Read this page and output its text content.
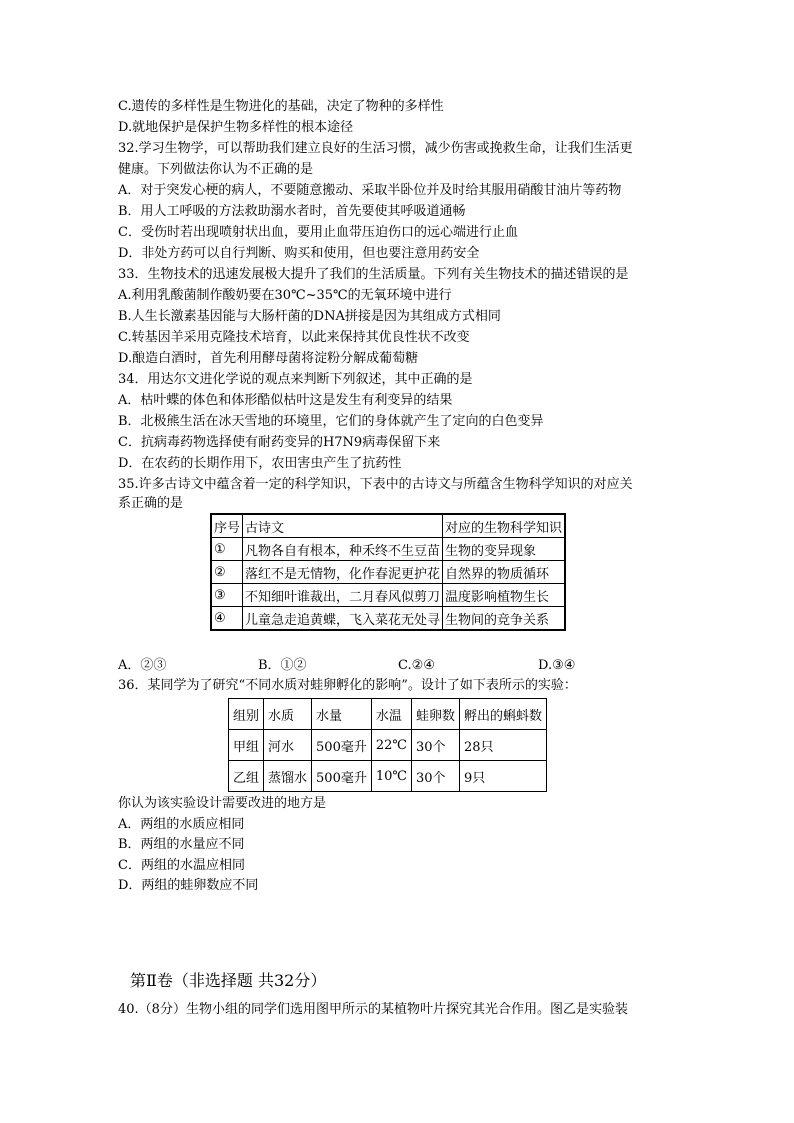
C.遗传的多样性是生物进化的基础，决定了物种的多样性
D.就地保护是保护生物多样性的根本途径
32.学习生物学，可以帮助我们建立良好的生活习惯，减少伤害或挽救生命，让我们生活更
健康。下列做法你认为不正确的是
A．对于突发心梗的病人，不要随意搬动、采取半卧位并及时给其服用硝酸甘油片等药物
B．用人工呼吸的方法救助溺水者时，首先要使其呼吸道通畅
C．受伤时若出现喷射状出血，要用止血带压迫伤口的远心端进行止血
D．非处方药可以自行判断、购买和使用，但也要注意用药安全
33．生物技术的迅速发展极大提升了我们的生活质量。下列有关生物技术的描述错误的是
A.利用乳酸菌制作酸奶要在30℃~35℃的无氧环境中进行
B.人生长激素基因能与大肠杆菌的DNA拼接是因为其组成方式相同
C.转基因羊采用克隆技术培育，以此来保持其优良性状不改变
D.酿造白酒时，首先利用酵母菌将淀粉分解成葡萄糖
34．用达尔文进化学说的观点来判断下列叙述，其中正确的是
A．枯叶蝶的体色和体形酷似枯叶这是发生有利变异的结果
B．北极熊生活在冰天雪地的环境里，它们的身体就产生了定向的白色变异
C．抗病毒药物选择使有耐药变异的H7N9病毒保留下来
D．在农药的长期作用下，农田害虫产生了抗药性
35.许多古诗文中蕴含着一定的科学知识，下表中的古诗文与所蕴含生物科学知识的对应关
系正确的是
序号	古诗文	对应的生物科学知识
①	凡物各自有根本，种禾终不生豆苗	生物的变异现象
②	落红不是无情物，化作春泥更护花	自然界的物质循环
③	不知细叶谁裁出，二月春风似剪刀	温度影响植物生长
④	儿童急走追黄蝶，飞入菜花无处寻	生物间的竞争关系
A．②③	B．①②	C.②④	D.③④
36．某同学为了研究“不同水质对蛙卵孵化的影响”。设计了如下表所示的实验：
组别	水质	水量	水温	蛙卵数	孵出的蝌蚪数
甲组	河水	500毫升	22℃	30个	28只
乙组	蒸馏水	500毫升	10℃	30个	9只
你认为该实验设计需要改进的地方是
A．两组的水质应相同
B．两组的水量应不同
C．两组的水温应相同
D．两组的蛙卵数应不同
第Ⅱ卷（非选择题 共32分）
40.（8分）生物小组的同学们选用图甲所示的某植物叶片探究其光合作用。图乙是实验装
